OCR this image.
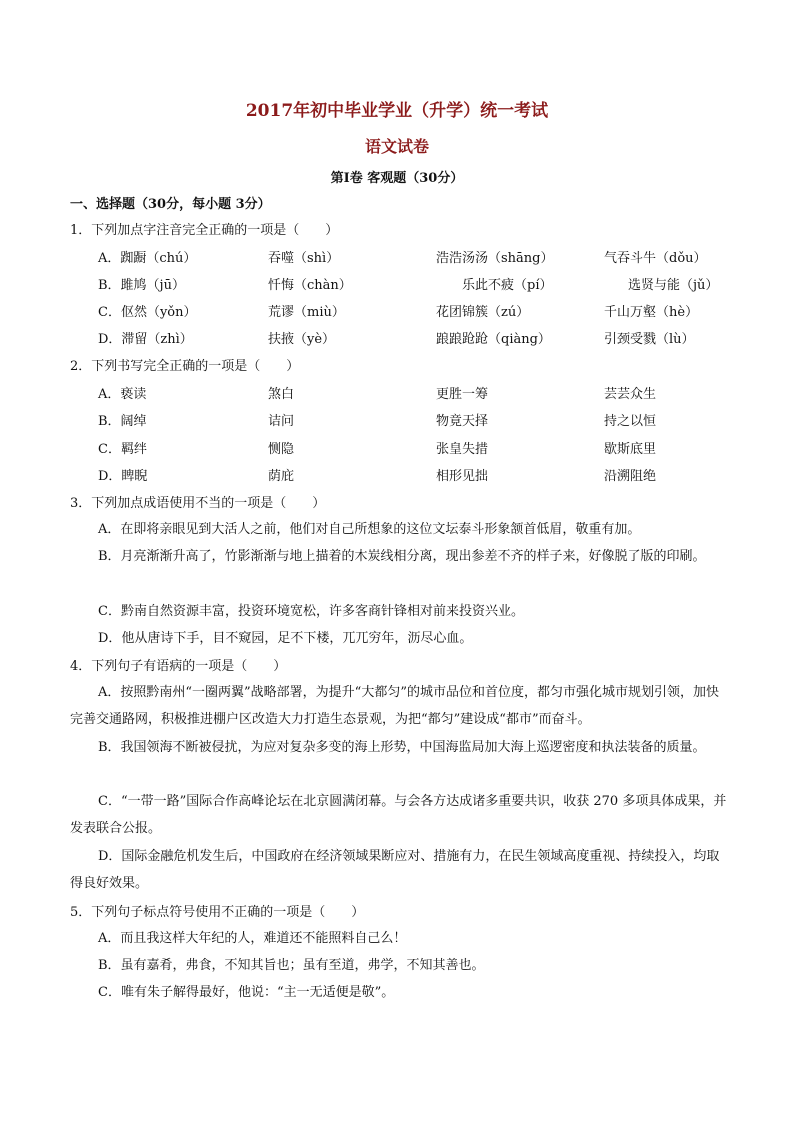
2017年初中毕业学业（升学）统一考试
语文试卷
第Ⅰ卷 客观题（30分）
一、选择题（30分，每小题 3分）
1．下列加点字注音完全正确的一项是（　　）
A．踟蹰（chú）	吞噬（shì）	浩浩汤汤（shāng）	气吞斗牛（dǒu）
B．雎鸠（jū）	忏悔（chàn）	乐此不疲（pí）	选贤与能（jǔ）
C．伛然（yǒn）	荒谬（miù）	花团锦簇（zú）	千山万壑（hè）
D．滞留（zhì）	扶掖（yè）	踉踉跄跄（qiàng）	引颈受戮（lù）
2．下列书写完全正确的一项是（　　）
A．亵读	煞白	更胜一筹	芸芸众生
B．阔绰	诘问	物竟天择	持之以恒
C．羁绊	恻隐	张皇失措	歇斯底里
D．睥睨	荫庇	相形见拙	沿溯阻绝
3．下列加点成语使用不当的一项是（　　）
A．在即将亲眼见到大活人之前，他们对自己所想象的这位文坛泰斗形象颔首低眉，敬重有加。
B．月亮渐渐升高了，竹影渐渐与地上描着的木炭线相分离，现出参差不齐的样子来，好像脱了版的印刷。
C．黔南自然资源丰富，投资环境宽松，许多客商针锋相对前来投资兴业。
D．他从唐诗下手，目不窥园，足不下楼，兀兀穷年，沥尽心血。
4．下列句子有语病的一项是（　　）
A．按照黔南州“一圈两翼”战略部署，为提升“大都匀”的城市品位和首位度，都匀市强化城市规划引领，加快完善交通路网，积极推进棚户区改造大力打造生态景观，为把“都匀”建设成“都市”而奋斗。
B．我国领海不断被侵扰，为应对复杂多变的海上形势，中国海监局加大海上巡逻密度和执法装备的质量。
C．“一带一路”国际合作高峰论坛在北京圆满闭幕。与会各方达成诸多重要共识，收获 270 多项具体成果，并发表联合公报。
D．国际金融危机发生后，中国政府在经济领域果断应对、措施有力，在民生领域高度重视、持续投入，均取得良好效果。
5．下列句子标点符号使用不正确的一项是（　　）
A．而且我这样大年纪的人，难道还不能照料自己么！
B．虽有嘉肴，弗食，不知其旨也；虽有至道，弗学，不知其善也。
C．唯有朱子解得最好，他说：“主一无适便是敬”。
